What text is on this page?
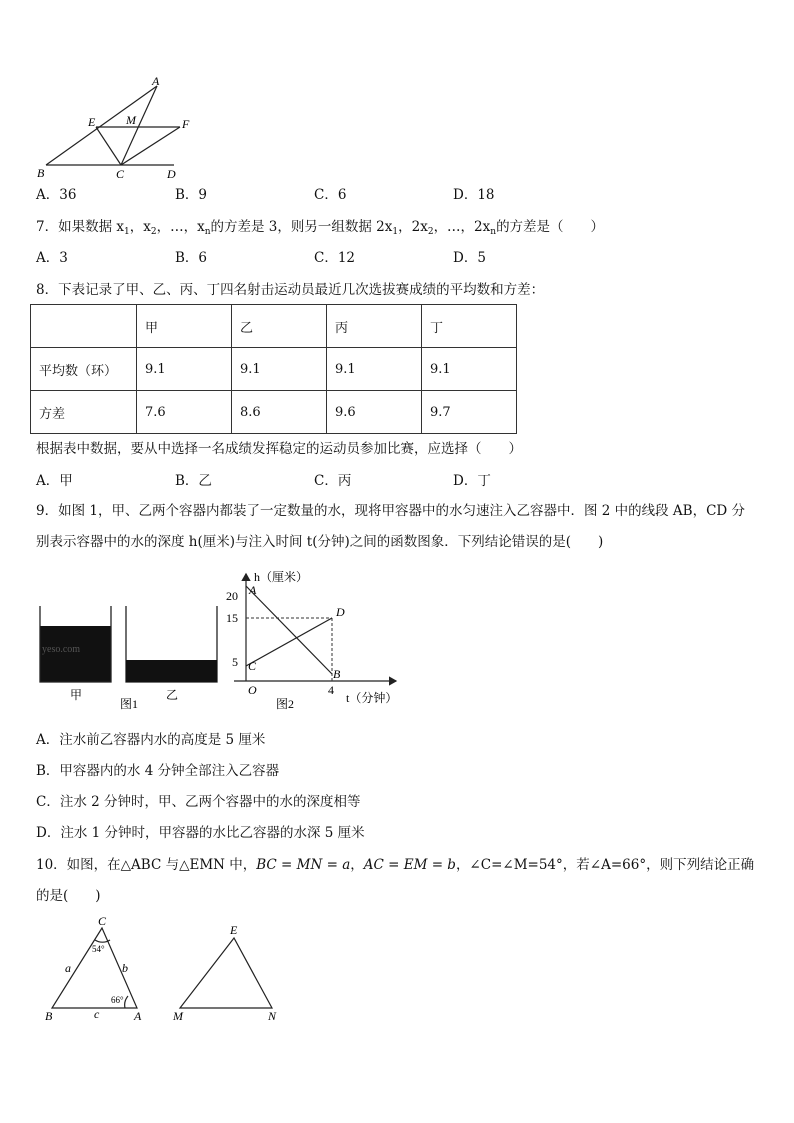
A
E	M	F
B	C	D
A．36	B．9	C．6	D．18
7．如果数据 $x_1$，$x_2$，…，$x_n$的方差是 3，则另一组数据 $2x_1$，$2x_2$，…，$2x_n$的方差是（　　）
A．3	B．6	C．12	D．5
8．下表记录了甲、乙、丙、丁四名射击运动员最近几次选拔赛成绩的平均数和方差：
	甲	乙	丙	丁
平均数（环）	9.1	9.1	9.1	9.1
方差	7.6	8.6	9.6	9.7
根据表中数据，要从中选择一名成绩发挥稳定的运动员参加比赛，应选择（　　）
A．甲	B．乙	C．丙	D．丁
9．如图 1，甲、乙两个容器内都装了一定数量的水，现将甲容器中的水匀速注入乙容器中．图 2 中的线段 AB，CD 分
别表示容器中的水的深度 h(厘米)与注入时间 t(分钟)之间的函数图象．下列结论错误的是(　　)
yeso.com
甲
图1
乙
h（厘米）
20
15
5
A
D
C
B
O	4
t（分钟）
图2
A．注水前乙容器内水的高度是 5 厘米
B．甲容器内的水 4 分钟全部注入乙容器
C．注水 2 分钟时，甲、乙两个容器中的水的深度相等
D．注水 1 分钟时，甲容器的水比乙容器的水深 5 厘米
10．如图，在△ABC 与△EMN 中，BC = MN = a，AC = EM = b，∠C=∠M=54°，若∠A=66°，则下列结论正确
的是(　　)
C
54°
a	b
66°
B	c	A
E
M	N
